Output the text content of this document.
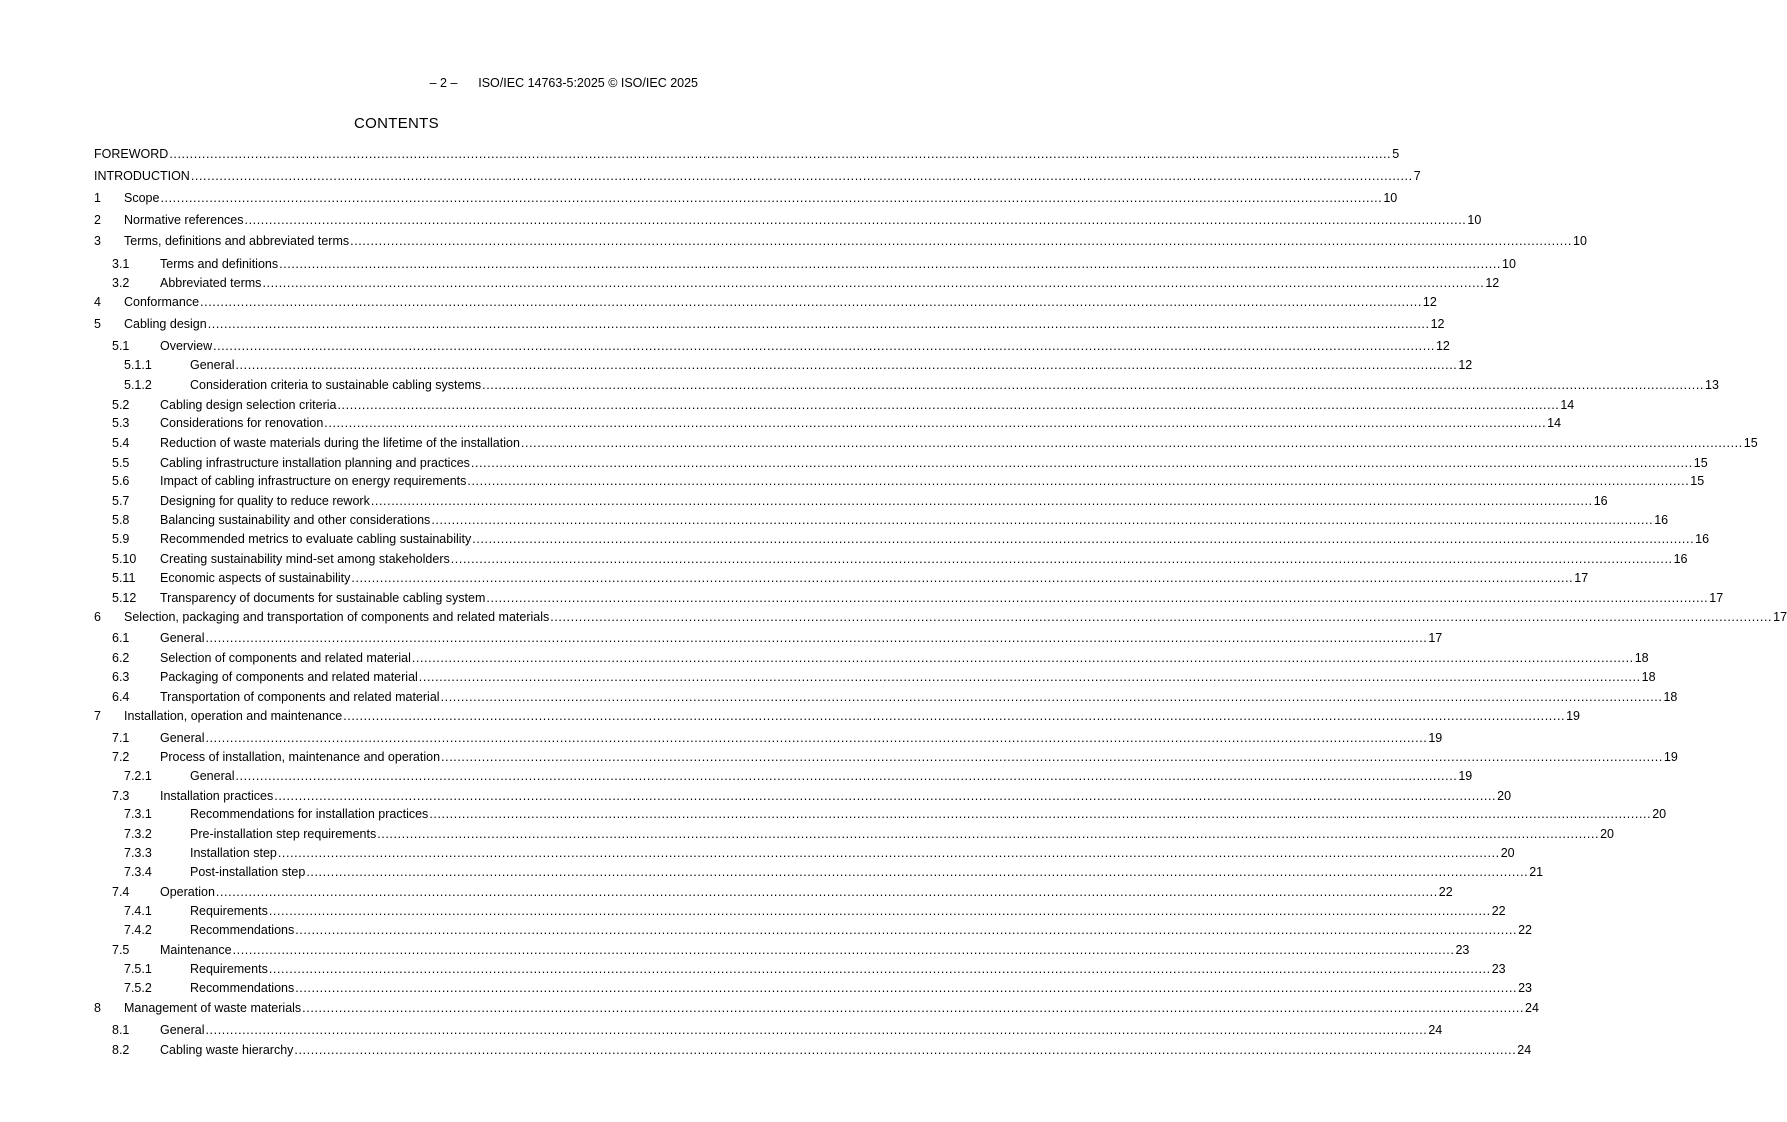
– 2 –      ISO/IEC 14763-5:2025 © ISO/IEC 2025
CONTENTS
FOREWORD ............................................................................................................................................................................................................................................................................................................ 5
INTRODUCTION ............................................................................................................................................................................................................................................................................................................ 7
1	Scope ............................................................................................................................................................................................................................................................................................................ 10
2	Normative references ............................................................................................................................................................................................................................................................................................................ 10
3	Terms, definitions and abbreviated terms ............................................................................................................................................................................................................................................................................................................ 10
3.1	Terms and definitions ............................................................................................................................................................................................................................................................................................................ 10
3.2	Abbreviated terms ............................................................................................................................................................................................................................................................................................................ 12
4	Conformance ............................................................................................................................................................................................................................................................................................................ 12
5	Cabling design ............................................................................................................................................................................................................................................................................................................ 12
5.1	Overview ............................................................................................................................................................................................................................................................................................................ 12
5.1.1	General ............................................................................................................................................................................................................................................................................................................ 12
5.1.2	Consideration criteria to sustainable cabling systems ............................................................................................................................................................................................................................................................................................................ 13
5.2	Cabling design selection criteria ............................................................................................................................................................................................................................................................................................................ 14
5.3	Considerations for renovation ............................................................................................................................................................................................................................................................................................................ 14
5.4	Reduction of waste materials during the lifetime of the installation ............................................................................................................................................................................................................................................................................................................ 15
5.5	Cabling infrastructure installation planning and practices ............................................................................................................................................................................................................................................................................................................ 15
5.6	Impact of cabling infrastructure on energy requirements ............................................................................................................................................................................................................................................................................................................ 15
5.7	Designing for quality to reduce rework ............................................................................................................................................................................................................................................................................................................ 16
5.8	Balancing sustainability and other considerations ............................................................................................................................................................................................................................................................................................................ 16
5.9	Recommended metrics to evaluate cabling sustainability ............................................................................................................................................................................................................................................................................................................ 16
5.10	Creating sustainability mind-set among stakeholders ............................................................................................................................................................................................................................................................................................................ 16
5.11	Economic aspects of sustainability ............................................................................................................................................................................................................................................................................................................ 17
5.12	Transparency of documents for sustainable cabling system ............................................................................................................................................................................................................................................................................................................ 17
6	Selection, packaging and transportation of components and related materials ............................................................................................................................................................................................................................................................................................................ 17
6.1	General ............................................................................................................................................................................................................................................................................................................ 17
6.2	Selection of components and related material ............................................................................................................................................................................................................................................................................................................ 18
6.3	Packaging of components and related material ............................................................................................................................................................................................................................................................................................................ 18
6.4	Transportation of components and related material ............................................................................................................................................................................................................................................................................................................ 18
7	Installation, operation and maintenance ............................................................................................................................................................................................................................................................................................................ 19
7.1	General ............................................................................................................................................................................................................................................................................................................ 19
7.2	Process of installation, maintenance and operation ............................................................................................................................................................................................................................................................................................................ 19
7.2.1	General ............................................................................................................................................................................................................................................................................................................ 19
7.3	Installation practices ............................................................................................................................................................................................................................................................................................................ 20
7.3.1	Recommendations for installation practices ............................................................................................................................................................................................................................................................................................................ 20
7.3.2	Pre-installation step requirements ............................................................................................................................................................................................................................................................................................................ 20
7.3.3	Installation step ............................................................................................................................................................................................................................................................................................................ 20
7.3.4	Post-installation step ............................................................................................................................................................................................................................................................................................................ 21
7.4	Operation ............................................................................................................................................................................................................................................................................................................ 22
7.4.1	Requirements ............................................................................................................................................................................................................................................................................................................ 22
7.4.2	Recommendations ............................................................................................................................................................................................................................................................................................................ 22
7.5	Maintenance ............................................................................................................................................................................................................................................................................................................ 23
7.5.1	Requirements ............................................................................................................................................................................................................................................................................................................ 23
7.5.2	Recommendations ............................................................................................................................................................................................................................................................................................................ 23
8	Management of waste materials ............................................................................................................................................................................................................................................................................................................ 24
8.1	General ............................................................................................................................................................................................................................................................................................................ 24
8.2	Cabling waste hierarchy ............................................................................................................................................................................................................................................................................................................ 24
